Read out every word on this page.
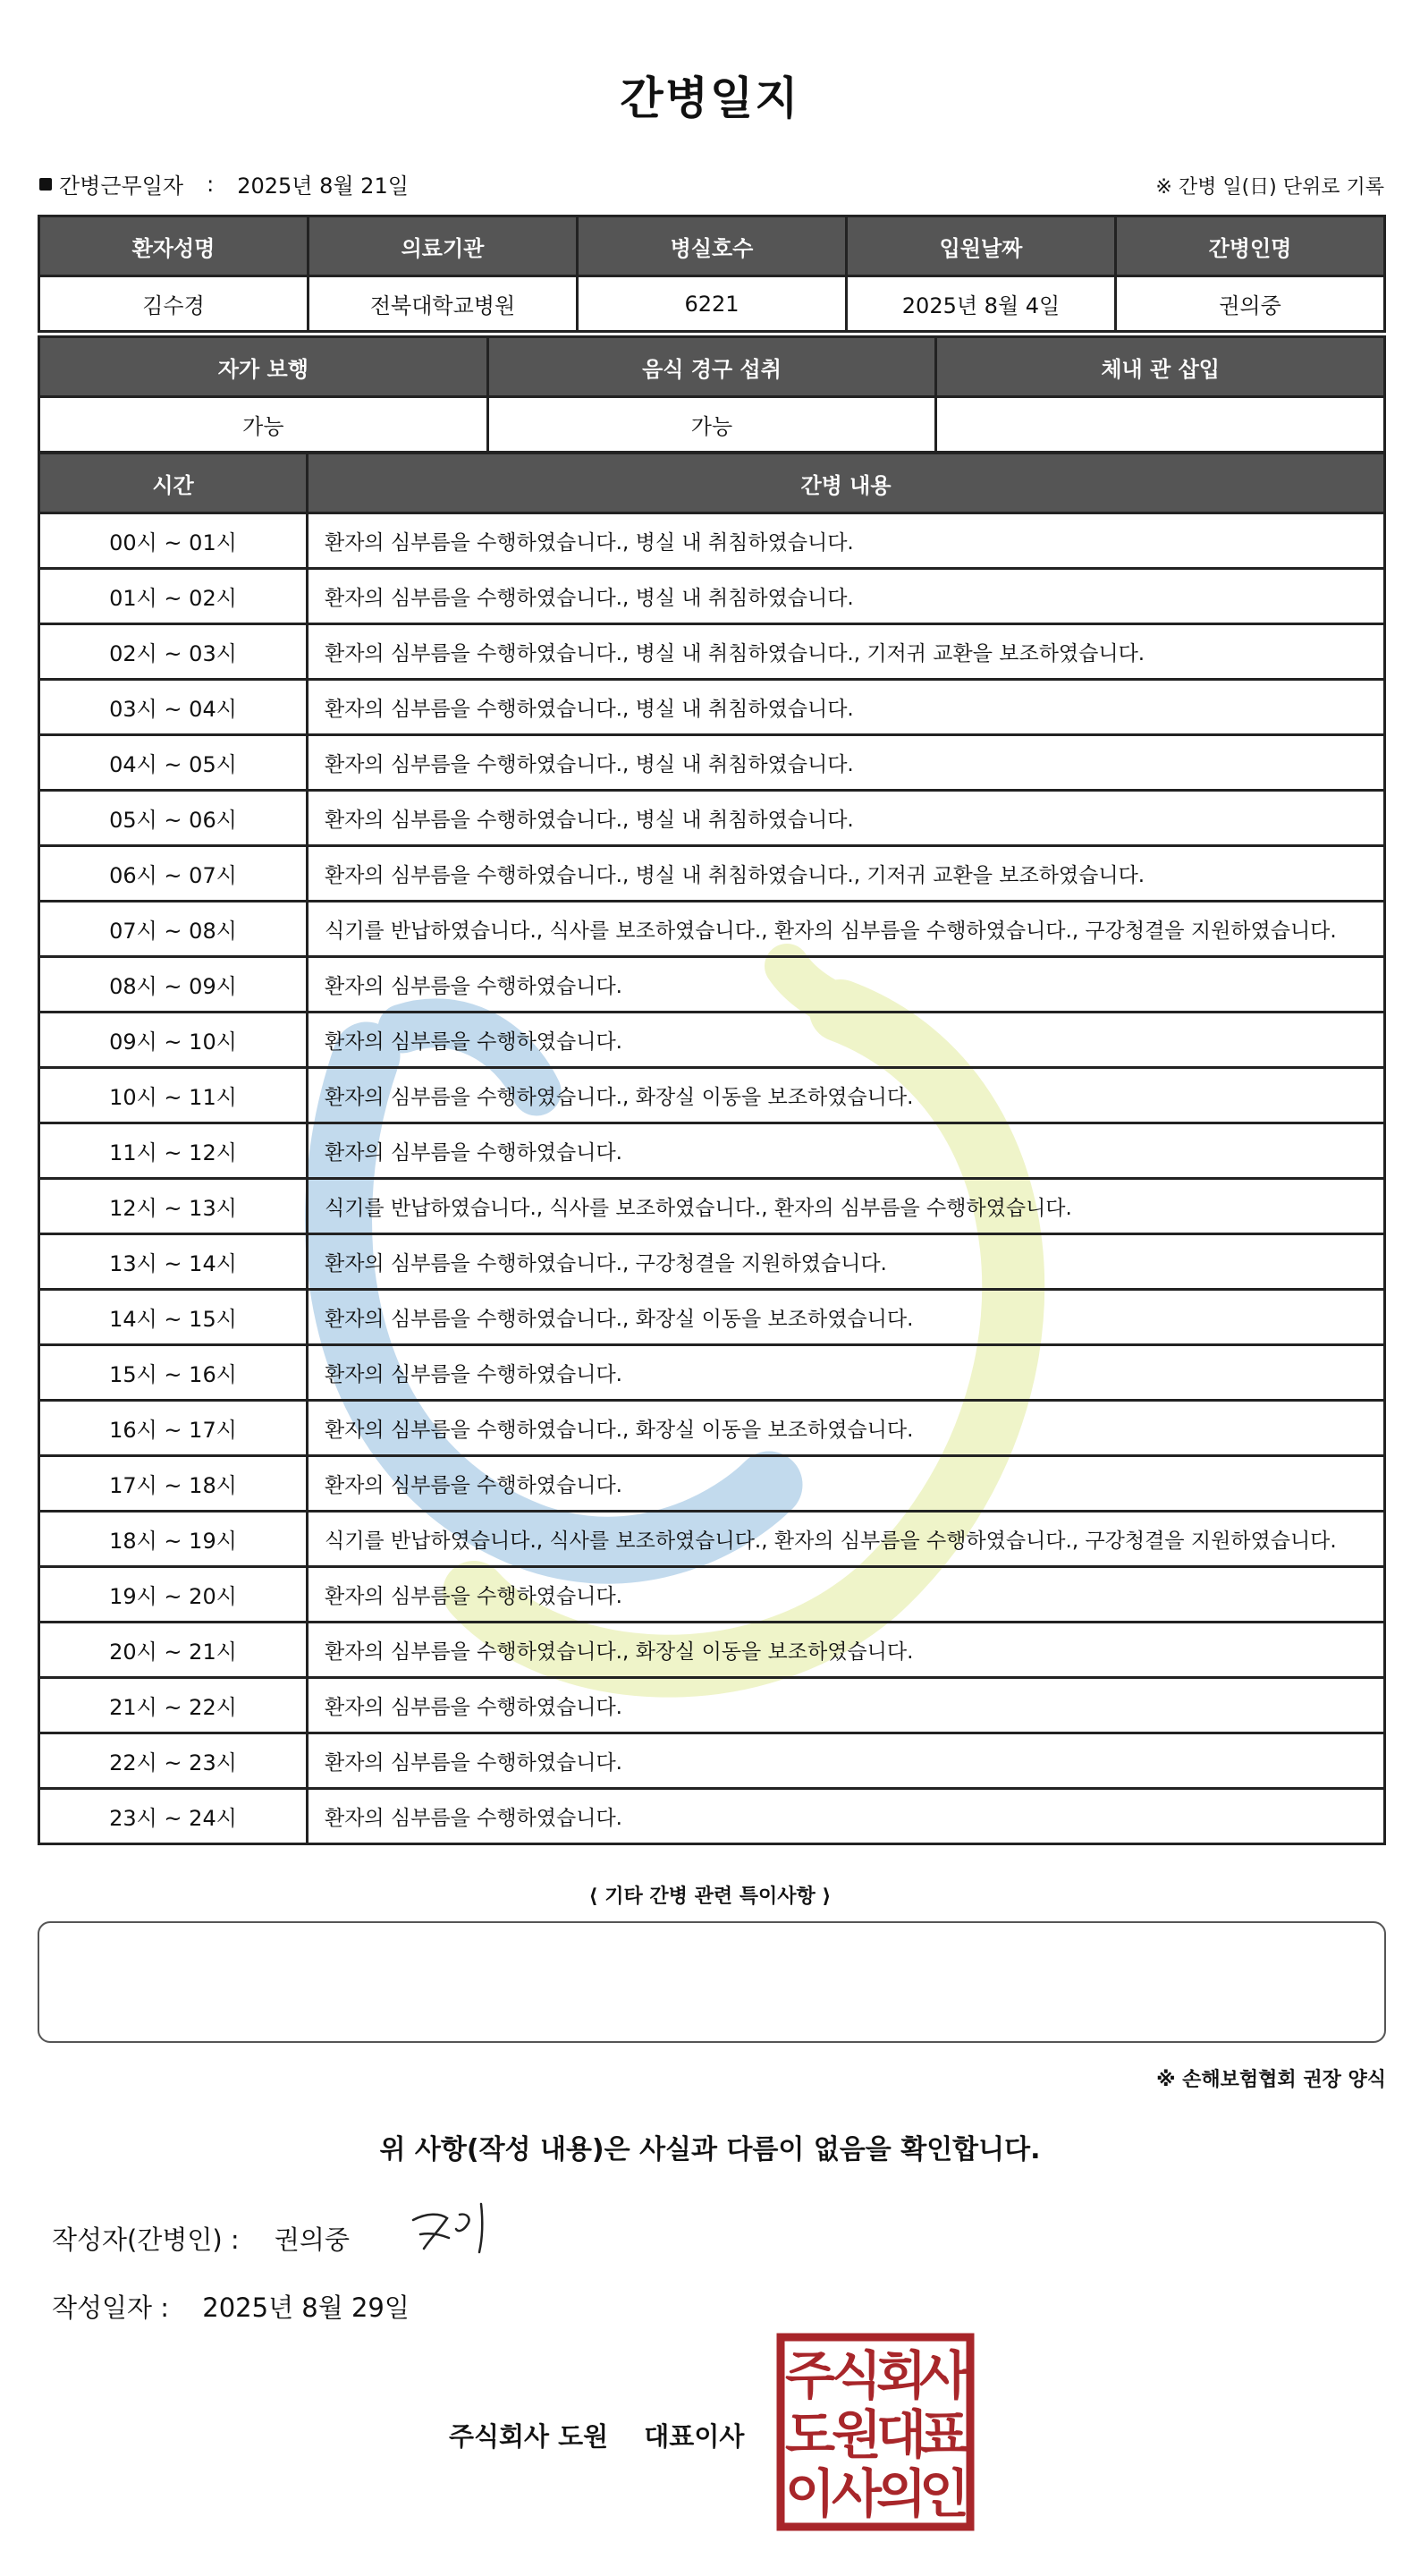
간병일지
간병근무일자 : 2025년 8월 21일	※ 간병 일(日) 단위로 기록
환자성명	의료기관	병실호수	입원날짜	간병인명
김수경	전북대학교병원	6221	2025년 8월 4일	권의중
자가 보행	음식 경구 섭취	체내 관 삽입
가능	가능	
시간	간병 내용
00시 ~ 01시	환자의 심부름을 수행하였습니다., 병실 내 취침하였습니다.
01시 ~ 02시	환자의 심부름을 수행하였습니다., 병실 내 취침하였습니다.
02시 ~ 03시	환자의 심부름을 수행하였습니다., 병실 내 취침하였습니다., 기저귀 교환을 보조하였습니다.
03시 ~ 04시	환자의 심부름을 수행하였습니다., 병실 내 취침하였습니다.
04시 ~ 05시	환자의 심부름을 수행하였습니다., 병실 내 취침하였습니다.
05시 ~ 06시	환자의 심부름을 수행하였습니다., 병실 내 취침하였습니다.
06시 ~ 07시	환자의 심부름을 수행하였습니다., 병실 내 취침하였습니다., 기저귀 교환을 보조하였습니다.
07시 ~ 08시	식기를 반납하였습니다., 식사를 보조하였습니다., 환자의 심부름을 수행하였습니다., 구강청결을 지원하였습니다.
08시 ~ 09시	환자의 심부름을 수행하였습니다.
09시 ~ 10시	환자의 심부름을 수행하였습니다.
10시 ~ 11시	환자의 심부름을 수행하였습니다., 화장실 이동을 보조하였습니다.
11시 ~ 12시	환자의 심부름을 수행하였습니다.
12시 ~ 13시	식기를 반납하였습니다., 식사를 보조하였습니다., 환자의 심부름을 수행하였습니다.
13시 ~ 14시	환자의 심부름을 수행하였습니다., 구강청결을 지원하였습니다.
14시 ~ 15시	환자의 심부름을 수행하였습니다., 화장실 이동을 보조하였습니다.
15시 ~ 16시	환자의 심부름을 수행하였습니다.
16시 ~ 17시	환자의 심부름을 수행하였습니다., 화장실 이동을 보조하였습니다.
17시 ~ 18시	환자의 심부름을 수행하였습니다.
18시 ~ 19시	식기를 반납하였습니다., 식사를 보조하였습니다., 환자의 심부름을 수행하였습니다., 구강청결을 지원하였습니다.
19시 ~ 20시	환자의 심부름을 수행하였습니다.
20시 ~ 21시	환자의 심부름을 수행하였습니다., 화장실 이동을 보조하였습니다.
21시 ~ 22시	환자의 심부름을 수행하였습니다.
22시 ~ 23시	환자의 심부름을 수행하였습니다.
23시 ~ 24시	환자의 심부름을 수행하였습니다.
⟨ 기타 간병 관련 특이사항 ⟩
※ 손해보험협회 권장 양식
위 사항(작성 내용)은 사실과 다름이 없음을 확인합니다.
작성자(간병인) : 권의중
작성일자 : 2025년 8월 29일
주식회사 도원 대표이사
주
식
회
사
도
원
대
표
이
사
의
인
